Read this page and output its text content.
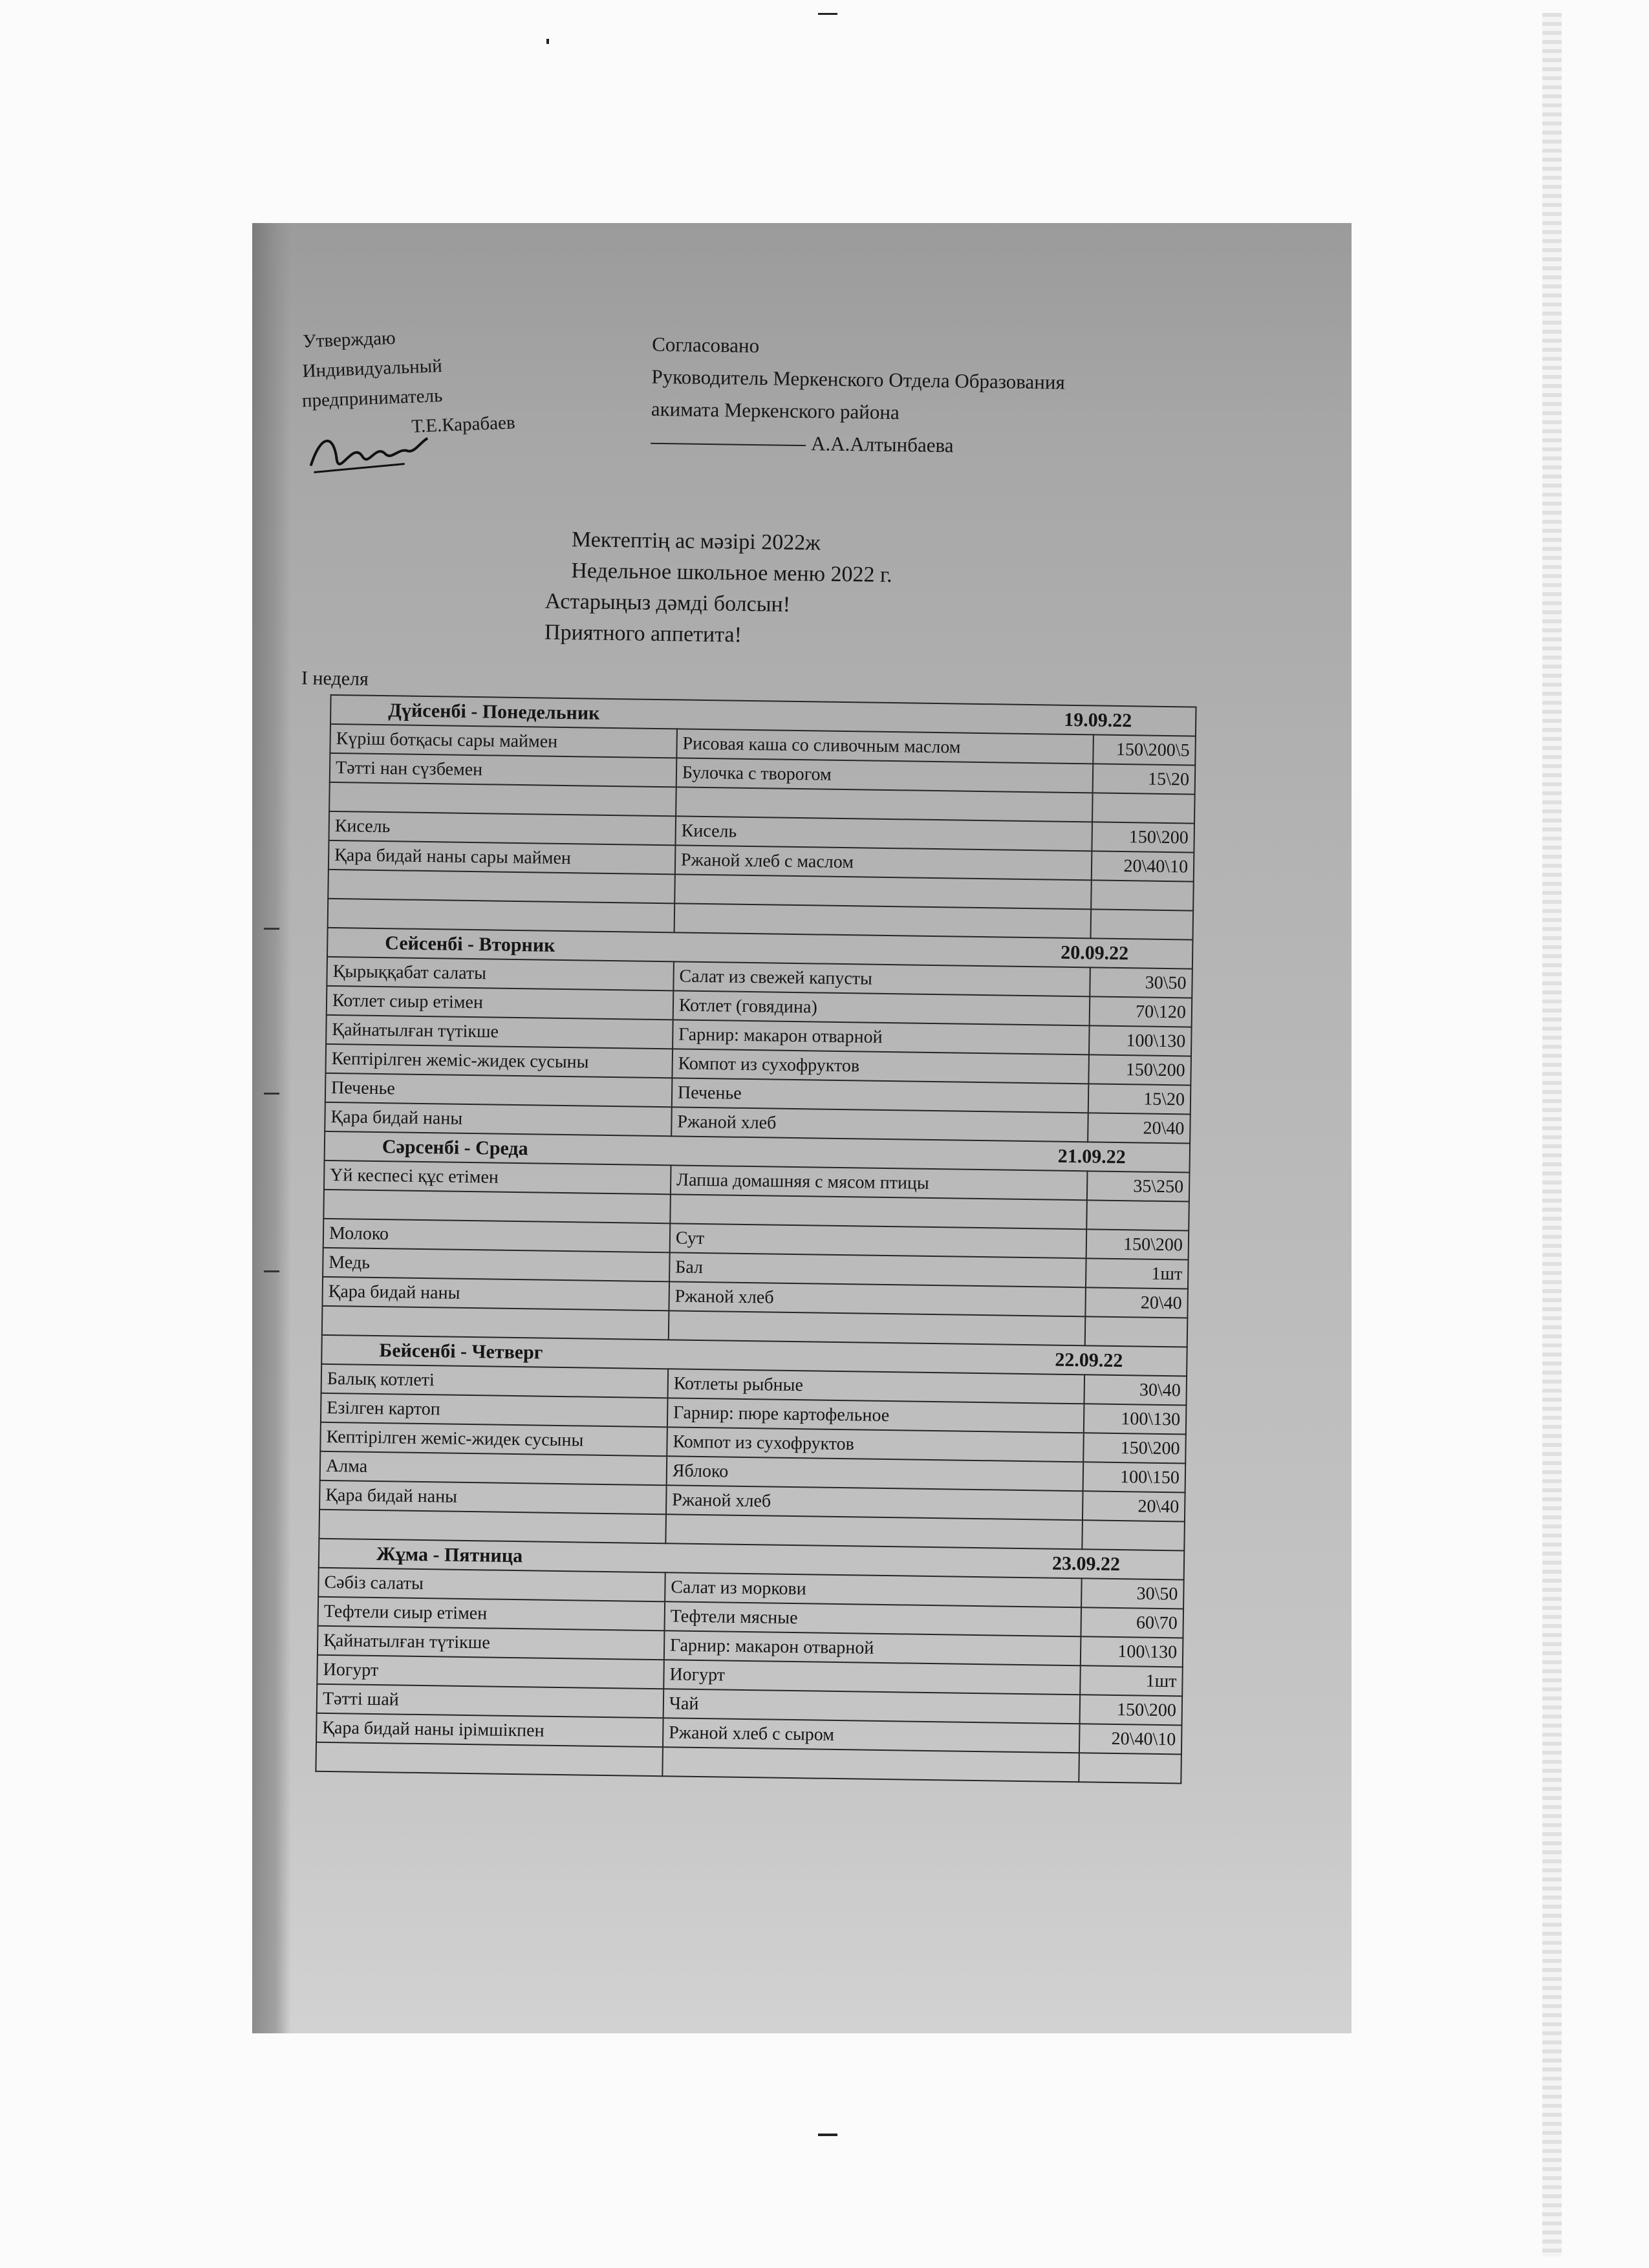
Утверждаю
Индивидуальный
предприниматель
Т.Е.Карабаев
Согласовано
Руководитель Меркенского Отдела Образования
акимата Меркенского района
А.А.Алтынбаева
Мектептің ас мәзірі 2022ж
Недельное школьное меню 2022 г.
Астарыңыз дәмді болсын!
Приятного аппетита!
I неделя
Дүйсенбі - Понедельник 19.09.22		

Күріш ботқасы сары маймен	Рисовая каша со сливочным маслом	150\200\5
Тәтті нан сүзбемен	Булочка с творогом	15\20

Кисель	Кисель	150\200
Қара бидай наны сары маймен	Ржаной хлеб с маслом	20\40\10

Сейсенбі - Вторник 20.09.22		

Қырыққабат салаты	Салат из свежей капусты	30\50
Котлет сиыр етімен	Котлет (говядина)	70\120
Қайнатылған түтікше	Гарнир: макарон отварной	100\130
Кептірілген жеміс-жидек сусыны	Компот из сухофруктов	150\200
Печенье	Печенье	15\20
Қара бидай наны	Ржаной хлеб	20\40
Сәрсенбі - Среда 21.09.22		

Үй кеспесі құс етімен	Лапша домашняя с мясом птицы	35\250

Молоко	Сут	150\200
Медь	Бал	1шт
Қара бидай наны	Ржаной хлеб	20\40

Бейсенбі - Четверг 22.09.22		

Балық котлеті	Котлеты рыбные	30\40
Езілген картоп	Гарнир: пюре картофельное	100\130
Кептірілген жеміс-жидек сусыны	Компот из сухофруктов	150\200
Алма	Яблоко	100\150
Қара бидай наны	Ржаной хлеб	20\40

Жұма - Пятница 23.09.22		

Сәбіз салаты	Салат из моркови	30\50
Тефтели сиыр етімен	Тефтели мясные	60\70
Қайнатылған түтікше	Гарнир: макарон отварной	100\130
Иогурт	Иогурт	1шт
Тәтті шай	Чай	150\200
Қара бидай наны ірімшікпен	Ржаной хлеб с сыром	20\40\10
